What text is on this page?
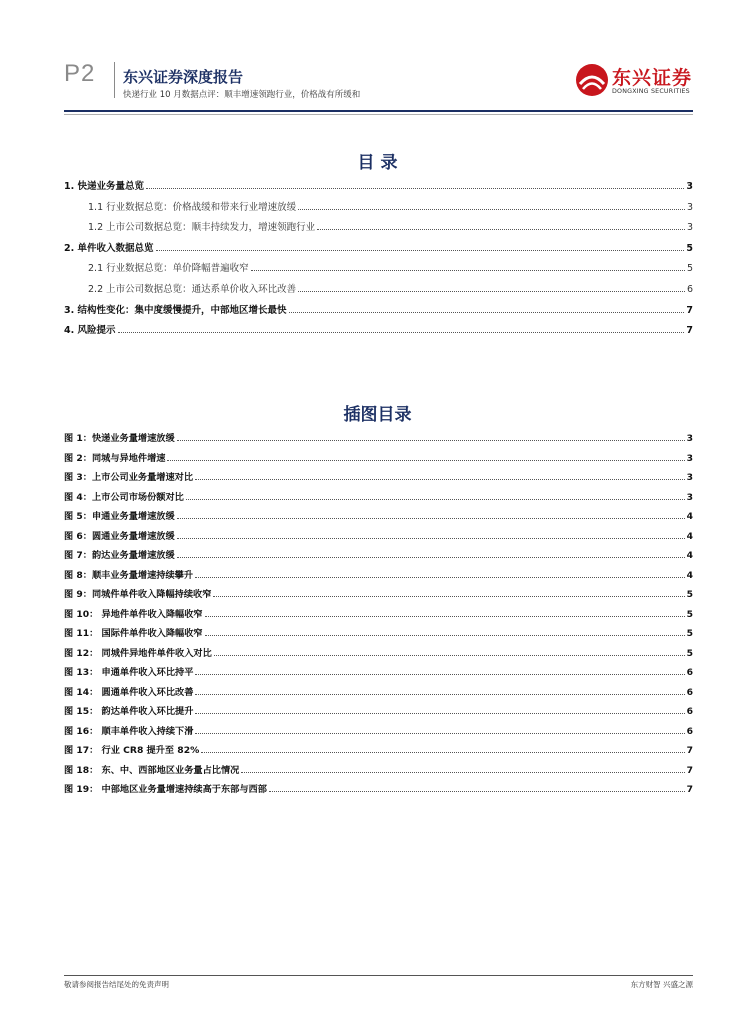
P2 东兴证券深度报告
快递行业 10 月数据点评：顺丰增速领跑行业，价格战有所缓和
东兴证券
DONGXING SECURITIES
目 录
1. 快递业务量总览	3
1.1 行业数据总览：价格战缓和带来行业增速放缓	3
1.2 上市公司数据总览：顺丰持续发力，增速领跑行业	3
2. 单件收入数据总览	5
2.1 行业数据总览：单价降幅普遍收窄	5
2.2 上市公司数据总览：通达系单价收入环比改善	6
3. 结构性变化：集中度缓慢提升，中部地区增长最快	7
4. 风险提示	7
插图目录
图 1：快递业务量增速放缓	3
图 2：同城与异地件增速	3
图 3：上市公司业务量增速对比	3
图 4：上市公司市场份额对比	3
图 5：申通业务量增速放缓	4
图 6：圆通业务量增速放缓	4
图 7：韵达业务量增速放缓	4
图 8：顺丰业务量增速持续攀升	4
图 9：同城件单件收入降幅持续收窄	5
图 10： 异地件单件收入降幅收窄	5
图 11： 国际件单件收入降幅收窄	5
图 12： 同城件异地件单件收入对比	5
图 13： 申通单件收入环比持平	6
图 14： 圆通单件收入环比改善	6
图 15： 韵达单件收入环比提升	6
图 16： 顺丰单件收入持续下滑	6
图 17： 行业 CR8 提升至 82%	7
图 18： 东、中、西部地区业务量占比情况	7
图 19： 中部地区业务量增速持续高于东部与西部	7
敬请参阅报告结尾处的免责声明	东方财智 兴盛之源
